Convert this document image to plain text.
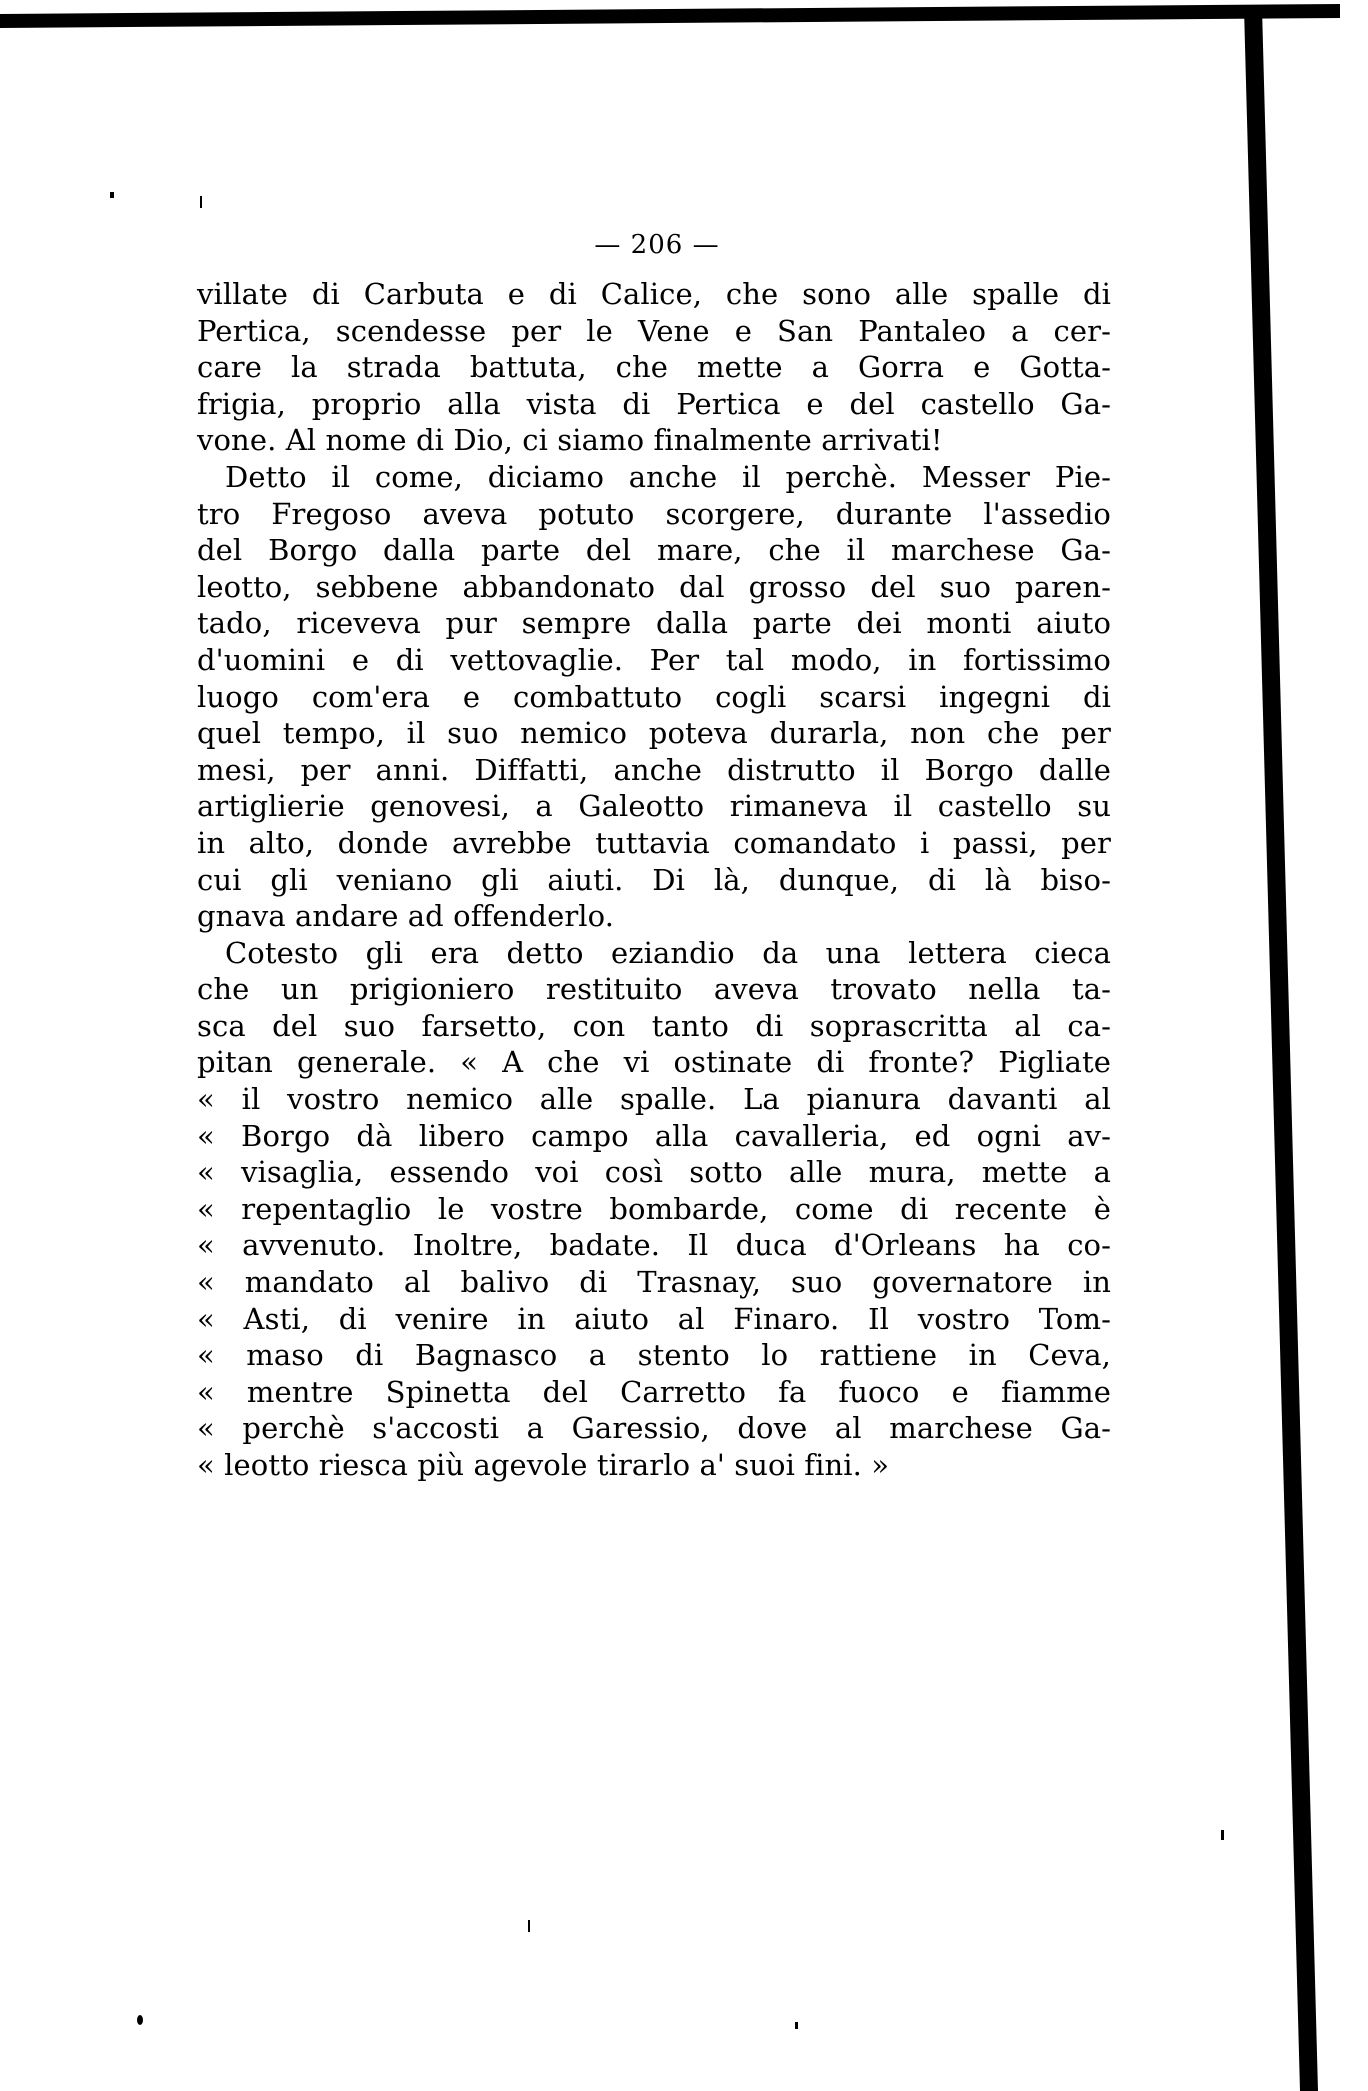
— 206 —
villate di Carbuta e di Calice, che sono alle spalle di
Pertica, scendesse per le Vene e San Pantaleo a cer-
care la strada battuta, che mette a Gorra e Gotta-
frigia, proprio alla vista di Pertica e del castello Ga-
vone. Al nome di Dio, ci siamo finalmente arrivati!
Detto il come, diciamo anche il perchè. Messer Pie-
tro Fregoso aveva potuto scorgere, durante l'assedio
del Borgo dalla parte del mare, che il marchese Ga-
leotto, sebbene abbandonato dal grosso del suo paren-
tado, riceveva pur sempre dalla parte dei monti aiuto
d'uomini e di vettovaglie. Per tal modo, in fortissimo
luogo com'era e combattuto cogli scarsi ingegni di
quel tempo, il suo nemico poteva durarla, non che per
mesi, per anni. Diffatti, anche distrutto il Borgo dalle
artiglierie genovesi, a Galeotto rimaneva il castello su
in alto, donde avrebbe tuttavia comandato i passi, per
cui gli veniano gli aiuti. Di là, dunque, di là biso-
gnava andare ad offenderlo.
Cotesto gli era detto eziandio da una lettera cieca
che un prigioniero restituito aveva trovato nella ta-
sca del suo farsetto, con tanto di soprascritta al ca-
pitan generale. « A che vi ostinate di fronte? Pigliate
« il vostro nemico alle spalle. La pianura davanti al
« Borgo dà libero campo alla cavalleria, ed ogni av-
« visaglia, essendo voi così sotto alle mura, mette a
« repentaglio le vostre bombarde, come di recente è
« avvenuto. Inoltre, badate. Il duca d'Orleans ha co-
« mandato al balivo di Trasnay, suo governatore in
« Asti, di venire in aiuto al Finaro. Il vostro Tom-
« maso di Bagnasco a stento lo rattiene in Ceva,
« mentre Spinetta del Carretto fa fuoco e fiamme
« perchè s'accosti a Garessio, dove al marchese Ga-
« leotto riesca più agevole tirarlo a' suoi fini. »
